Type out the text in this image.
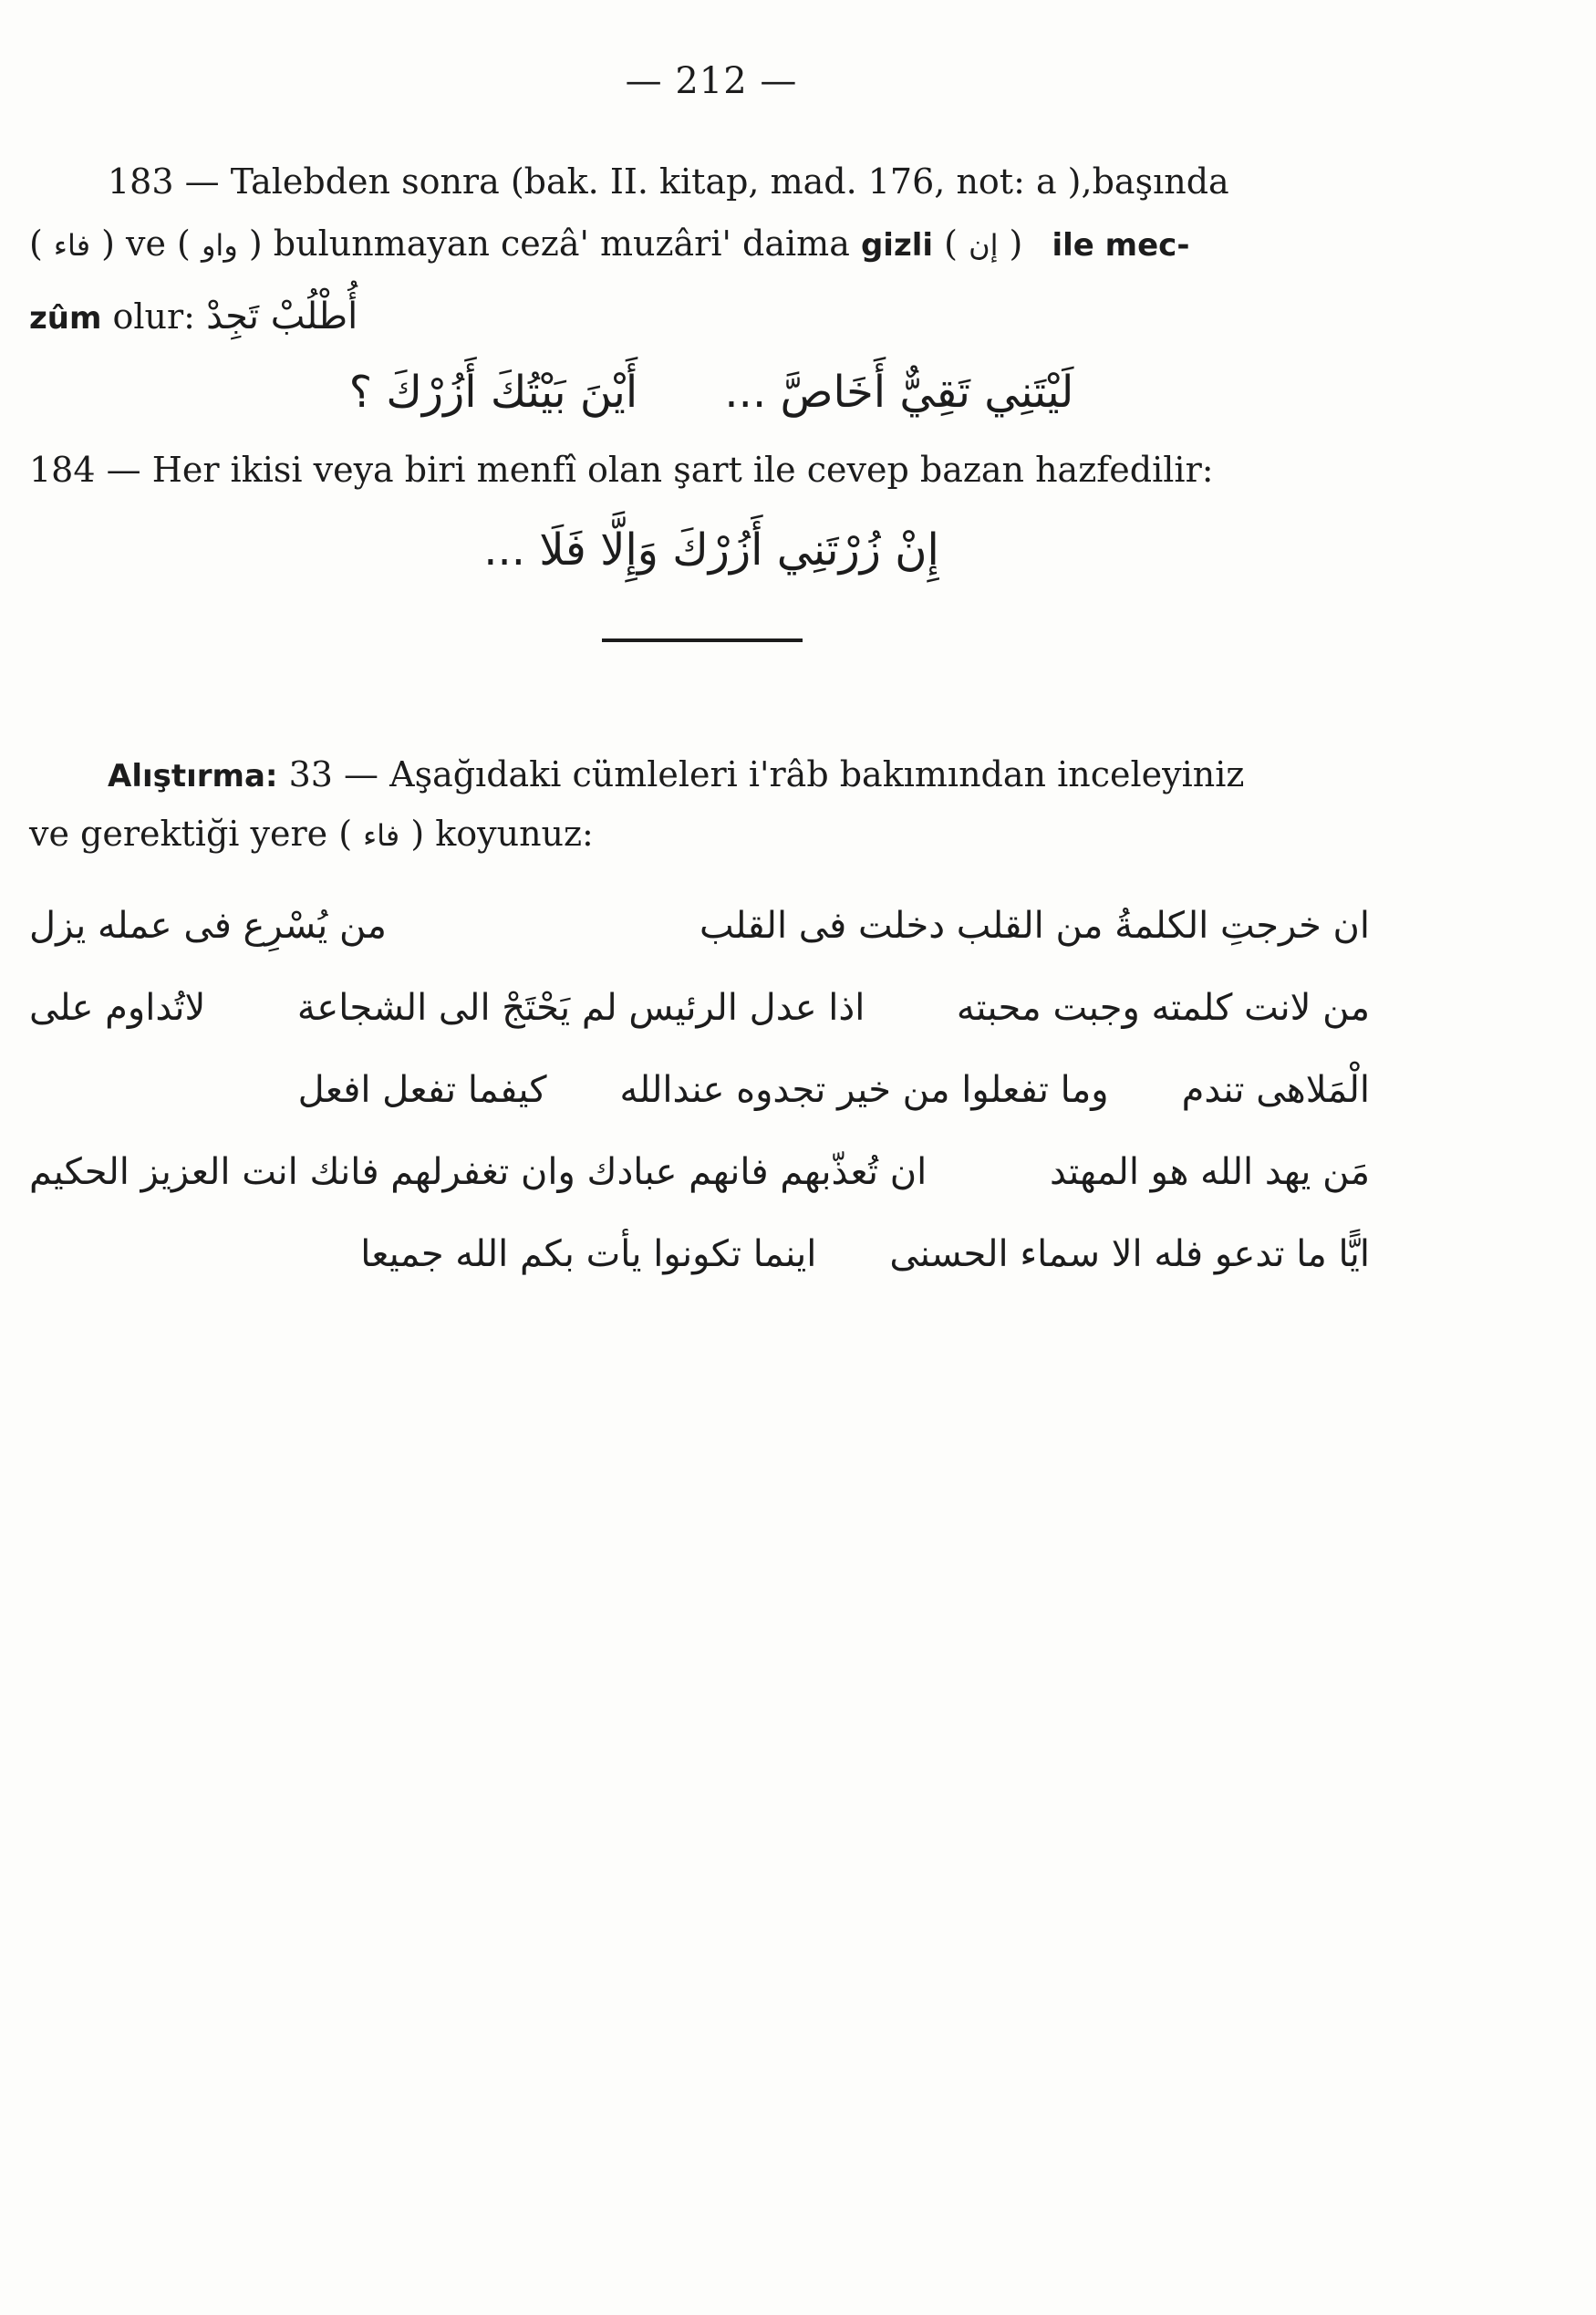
— 212 —
183 — Talebden sonra (bak. II. kitap, mad. 176, not: a ),başında
( فاء ) ve ( واو ) bulunmayan cezâ' muzâri' daima gizli ( إن ) ile mec-
zûm olur: أُطْلُبْ تَجِدْ
أَيْنَ بَيْتُكَ أَزُرْكَ ؟ لَيْتَنِي تَقِيٌّ أَخَاصَّ ...
184 — Her ikisi veya biri menfî olan şart ile cevep bazan hazfedilir:
إِنْ زُرْتَنِي أَزُرْكَ وَإِلَّا فَلَا ...
Alıştırma: 33 — Aşağıdaki cümleleri i'râb bakımından inceleyiniz
ve gerektiği yere ( فاء ) koyunuz:
ان خرجتِ الكلمةُ من القلب دخلت فى القلب
من يُسْرِع فى عمله يزل
من لانت كلمته وجبت محبته
اذا عدل الرئيس لم يَحْتَجْ الى الشجاعة
لاتُداوم على
الْمَلاهى تندم
وما تفعلوا من خير تجدوه عندالله
كيفما تفعل افعل
مَن يهد الله هو المهتد
ان تُعذّبهم فانهم عبادك وان تغفرلهم فانك انت العزيز الحكيم
ايًّا ما تدعو فله الا سماء الحسنى
اينما تكونوا يأت بكم الله جميعا
